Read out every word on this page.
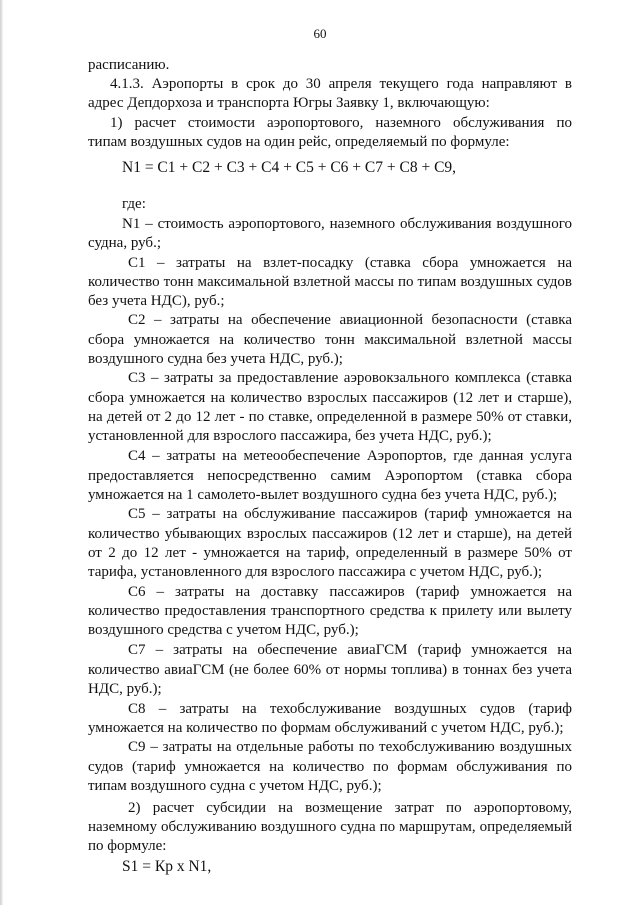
60
расписанию.
4.1.3. Аэропорты в срок до 30 апреля текущего года направляют в
адрес Депдорхоза и транспорта Югры Заявку 1, включающую:
1) расчет стоимости аэропортового, наземного обслуживания по
типам воздушных судов на один рейс, определяемый по формуле:
N1 = C1 + C2 + C3 + C4 + C5 + C6 + C7 + C8 + C9,
где:
N1 – стоимость аэропортового, наземного обслуживания воздушного
судна, руб.;
С1 – затраты на взлет-посадку (ставка сбора умножается на
количество тонн максимальной взлетной массы по типам воздушных судов
без учета НДС), руб.;
С2 – затраты на обеспечение авиационной безопасности (ставка
сбора умножается на количество тонн максимальной взлетной массы
воздушного судна без учета НДС, руб.);
С3 – затраты за предоставление аэровокзального комплекса (ставка
сбора умножается на количество взрослых пассажиров (12 лет и старше),
на детей от 2 до 12 лет - по ставке, определенной в размере 50% от ставки,
установленной для взрослого пассажира, без учета НДС, руб.);
С4 – затраты на метеообеспечение Аэропортов, где данная услуга
предоставляется непосредственно самим Аэропортом (ставка сбора
умножается на 1 самолето-вылет воздушного судна без учета НДС, руб.);
С5 – затраты на обслуживание пассажиров (тариф умножается на
количество убывающих взрослых пассажиров (12 лет и старше), на детей
от 2 до 12 лет - умножается на тариф, определенный в размере 50% от
тарифа, установленного для взрослого пассажира с учетом НДС, руб.);
С6 – затраты на доставку пассажиров (тариф умножается на
количество предоставления транспортного средства к прилету или вылету
воздушного средства с учетом НДС, руб.);
С7 – затраты на обеспечение авиаГСМ (тариф умножается на
количество авиаГСМ (не более 60% от нормы топлива) в тоннах без учета
НДС, руб.);
С8 – затраты на техобслуживание воздушных судов (тариф
умножается на количество по формам обслуживаний с учетом НДС, руб.);
С9 – затраты на отдельные работы по техобслуживанию воздушных
судов (тариф умножается на количество по формам обслуживания по
типам воздушного судна с учетом НДС, руб.);
2) расчет субсидии на возмещение затрат по аэропортовому,
наземному обслуживанию воздушного судна по маршрутам, определяемый
по формуле:
S1 = Кр x N1,
